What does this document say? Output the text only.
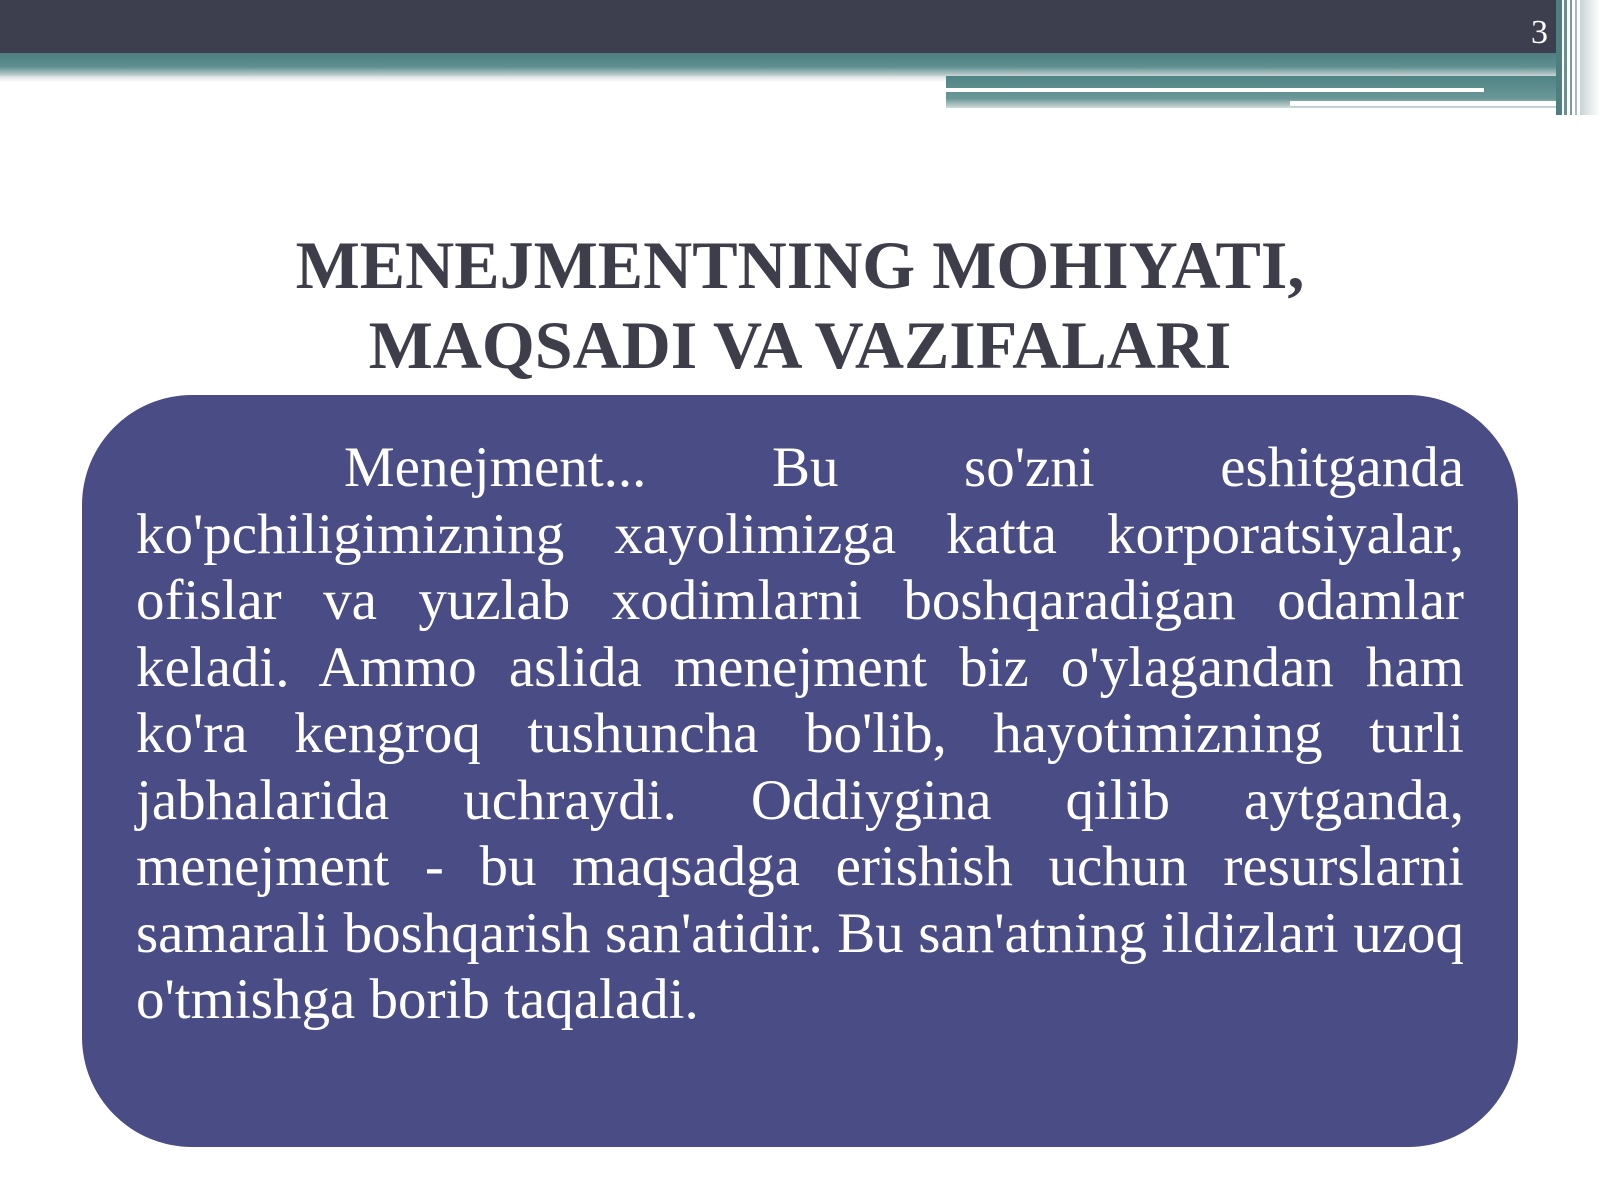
3
MENEJMENTNING MOHIYATI,
MAQSADI VA VAZIFALARI

Menejment... Bu so'zni eshitganda ko'pchiligimizning xayolimizga katta korporatsiyalar, ofislar va yuzlab xodimlarni boshqaradigan odamlar keladi. Ammo aslida menejment biz o'ylagandan ham ko'ra kengroq tushuncha bo'lib, hayotimizning turli jabhalarida uchraydi. Oddiygina qilib aytganda, menejment - bu maqsadga erishish uchun resurslarni samarali boshqarish san'atidir. Bu san'atning ildizlari uzoq o'tmishga borib taqaladi.
